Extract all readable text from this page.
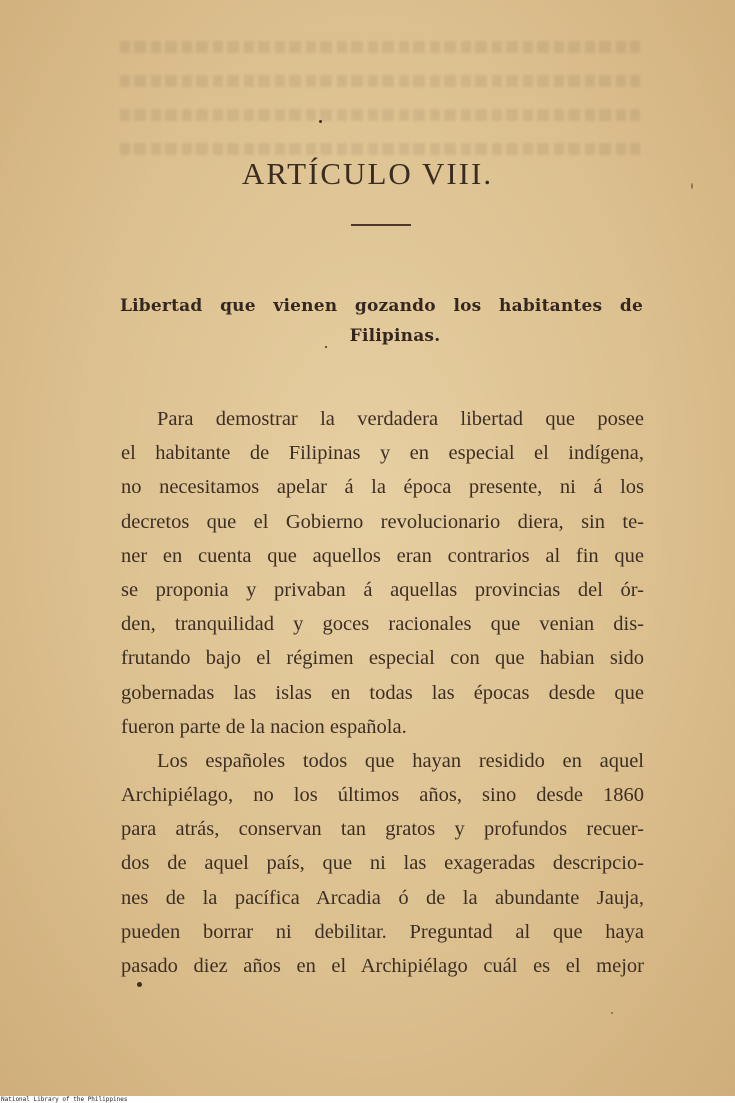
ARTÍCULO VIII.
Libertad que vienen gozando los habitantes de
Filipinas.
Para demostrar la verdadera libertad que posee
el habitante de Filipinas y en especial el indígena,
no necesitamos apelar á la época presente, ni á los
decretos que el Gobierno revolucionario diera, sin te-
ner en cuenta que aquellos eran contrarios al fin que
se proponia y privaban á aquellas provincias del ór-
den, tranquilidad y goces racionales que venian dis-
frutando bajo el régimen especial con que habian sido
gobernadas las islas en todas las épocas desde que
fueron parte de la nacion española.
Los españoles todos que hayan residido en aquel
Archipiélago, no los últimos años, sino desde 1860
para atrás, conservan tan gratos y profundos recuer-
dos de aquel país, que ni las exageradas descripcio-
nes de la pacífica Arcadia ó de la abundante Jauja,
pueden borrar ni debilitar. Preguntad al que haya
pasado diez años en el Archipiélago cuál es el mejor
National Library of the Philippines
